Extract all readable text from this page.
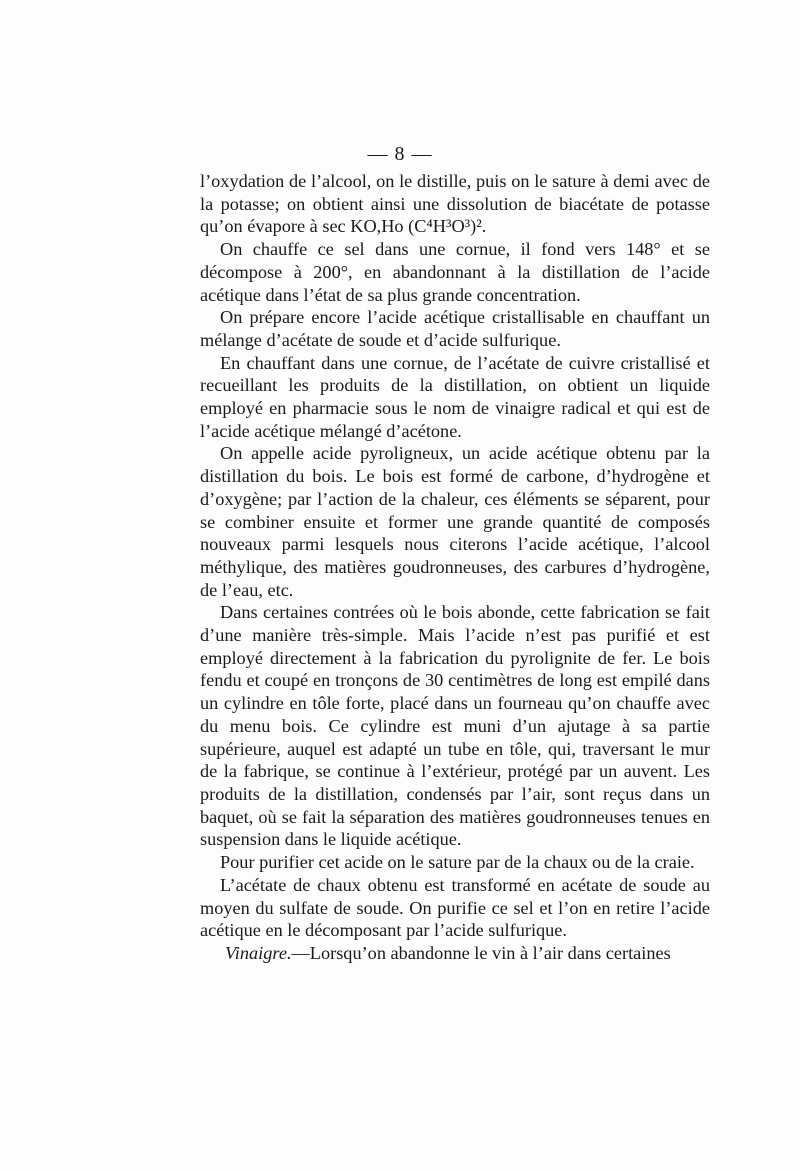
— 8 —

l’oxydation de l’alcool, on le distille, puis on le sature à demi avec de la potasse; on obtient ainsi une dissolution de biacétate de potasse qu’on évapore à sec KO,Ho (C⁴H³O³)².

On chauffe ce sel dans une cornue, il fond vers 148° et se décompose à 200°, en abandonnant à la distillation de l’acide acétique dans l’état de sa plus grande concentration.

On prépare encore l’acide acétique cristallisable en chauffant un mélange d’acétate de soude et d’acide sulfurique.

En chauffant dans une cornue, de l’acétate de cuivre cristallisé et recueillant les produits de la distillation, on obtient un liquide employé en pharmacie sous le nom de vinaigre radical et qui est de l’acide acétique mélangé d’acétone.

On appelle acide pyroligneux, un acide acétique obtenu par la distillation du bois. Le bois est formé de carbone, d’hydrogène et d’oxygène; par l’action de la chaleur, ces éléments se séparent, pour se combiner ensuite et former une grande quantité de composés nouveaux parmi lesquels nous citerons l’acide acétique, l’alcool méthylique, des matières goudronneuses, des carbures d’hydrogène, de l’eau, etc.

Dans certaines contrées où le bois abonde, cette fabrication se fait d’une manière très-simple. Mais l’acide n’est pas purifié et est employé directement à la fabrication du pyrolignite de fer. Le bois fendu et coupé en tronçons de 30 centimètres de long est empilé dans un cylindre en tôle forte, placé dans un fourneau qu’on chauffe avec du menu bois. Ce cylindre est muni d’un ajutage à sa partie supérieure, auquel est adapté un tube en tôle, qui, traversant le mur de la fabrique, se continue à l’extérieur, protégé par un auvent. Les produits de la distillation, condensés par l’air, sont reçus dans un baquet, où se fait la séparation des matières goudronneuses tenues en suspension dans le liquide acétique.

Pour purifier cet acide on le sature par de la chaux ou de la craie.

L’acétate de chaux obtenu est transformé en acétate de soude au moyen du sulfate de soude. On purifie ce sel et l’on en retire l’acide acétique en le décomposant par l’acide sulfurique.

Vinaigre.—Lorsqu’on abandonne le vin à l’air dans certaines
